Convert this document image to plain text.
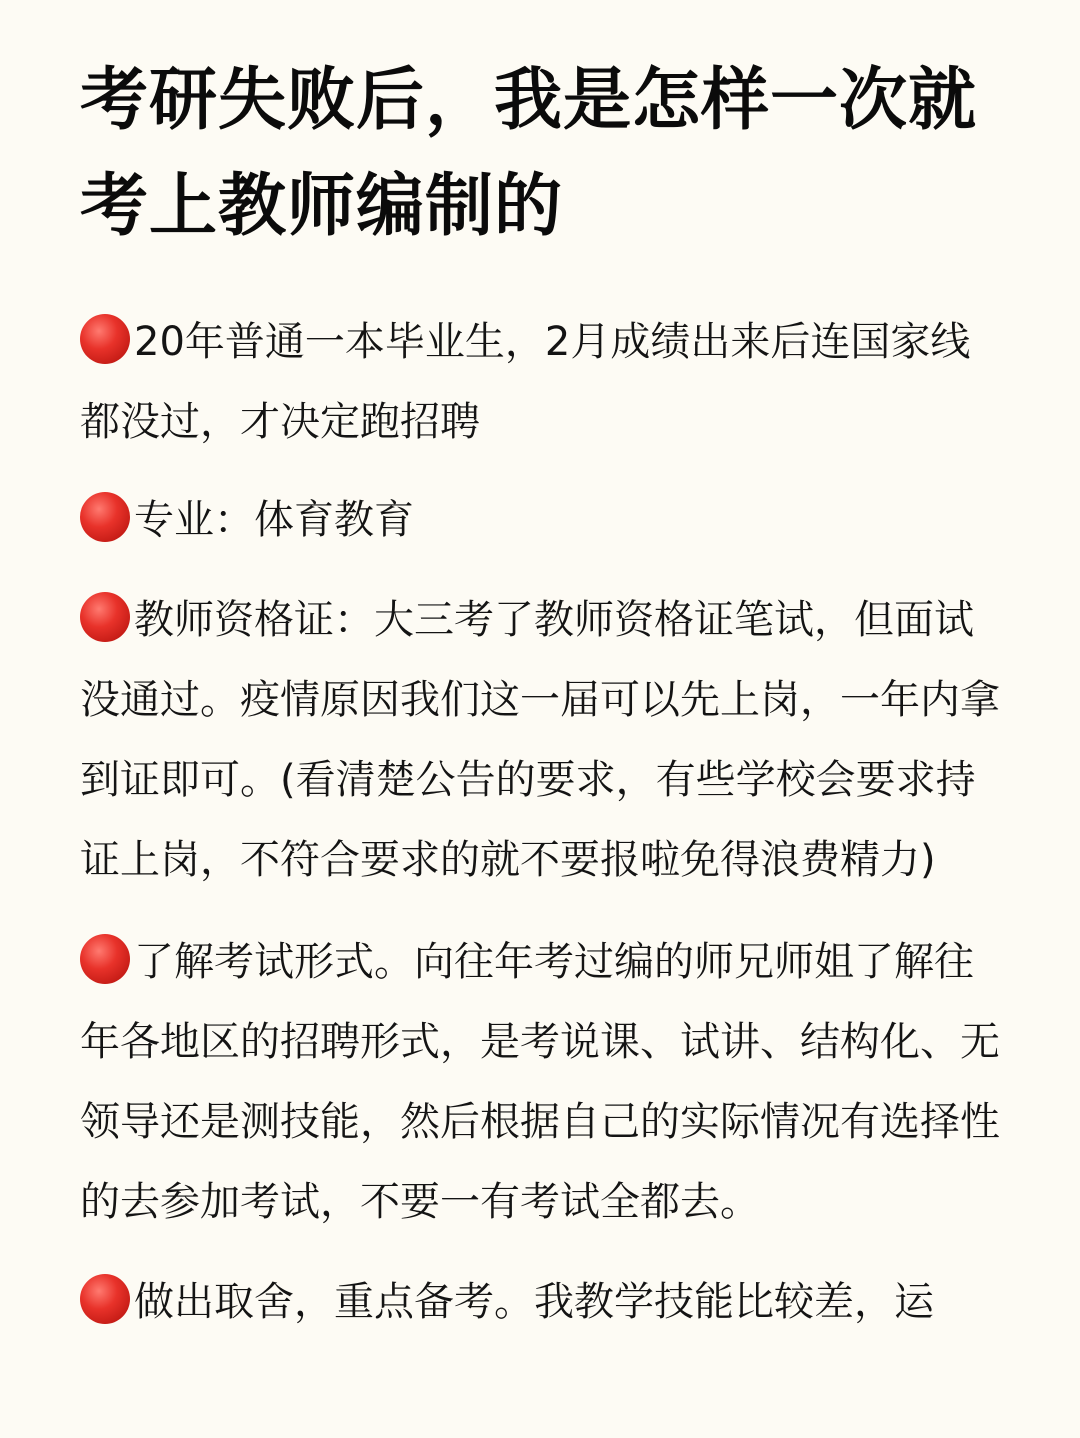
考研失败后，我是怎样一次就考上教师编制的

20年普通一本毕业生，2月成绩出来后连国家线都没过，才决定跑招聘

专业：体育教育

教师资格证：大三考了教师资格证笔试，但面试没通过。疫情原因我们这一届可以先上岗，一年内拿到证即可。(看清楚公告的要求，有些学校会要求持证上岗，不符合要求的就不要报啦免得浪费精力)

了解考试形式。向往年考过编的师兄师姐了解往年各地区的招聘形式，是考说课、试讲、结构化、无领导还是测技能，然后根据自己的实际情况有选择性的去参加考试，不要一有考试全都去。

做出取舍，重点备考。我教学技能比较差，运
